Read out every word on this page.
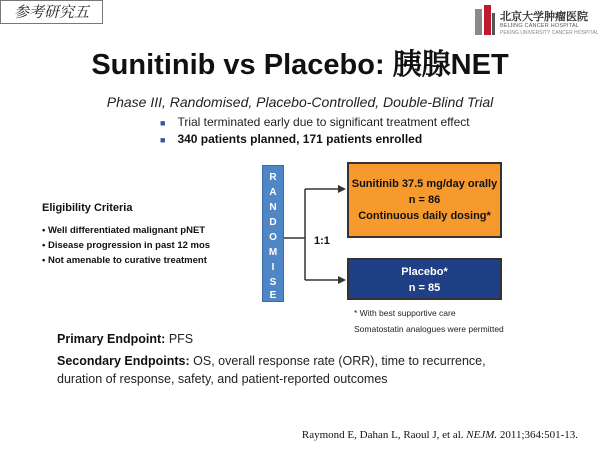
参考研究五	北京大学肿瘤医院
BEIJING CANCER HOSPITAL
PEKING UNIVERSITY CANCER HOSPITAL
Sunitinib vs Placebo: 胰腺NET
Phase III, Randomised, Placebo-Controlled, Double-Blind Trial
■ Trial terminated early due to significant treatment effect
■ 340 patients planned, 171 patients enrolled
Eligibility Criteria
• Well differentiated malignant pNET
• Disease progression in past 12 mos
• Not amenable to curative treatment
R
A
N
D
O
M
I
S
E
1:1
Sunitinib 37.5 mg/day orally
n = 86
Continuous daily dosing*
Placebo*
n = 85
* With best supportive care
Somatostatin analogues were permitted
Primary Endpoint: PFS
Secondary Endpoints: OS, overall response rate (ORR), time to recurrence,
duration of response, safety, and patient-reported outcomes
Raymond E, Dahan L, Raoul J, et al. NEJM. 2011;364:501-13.
